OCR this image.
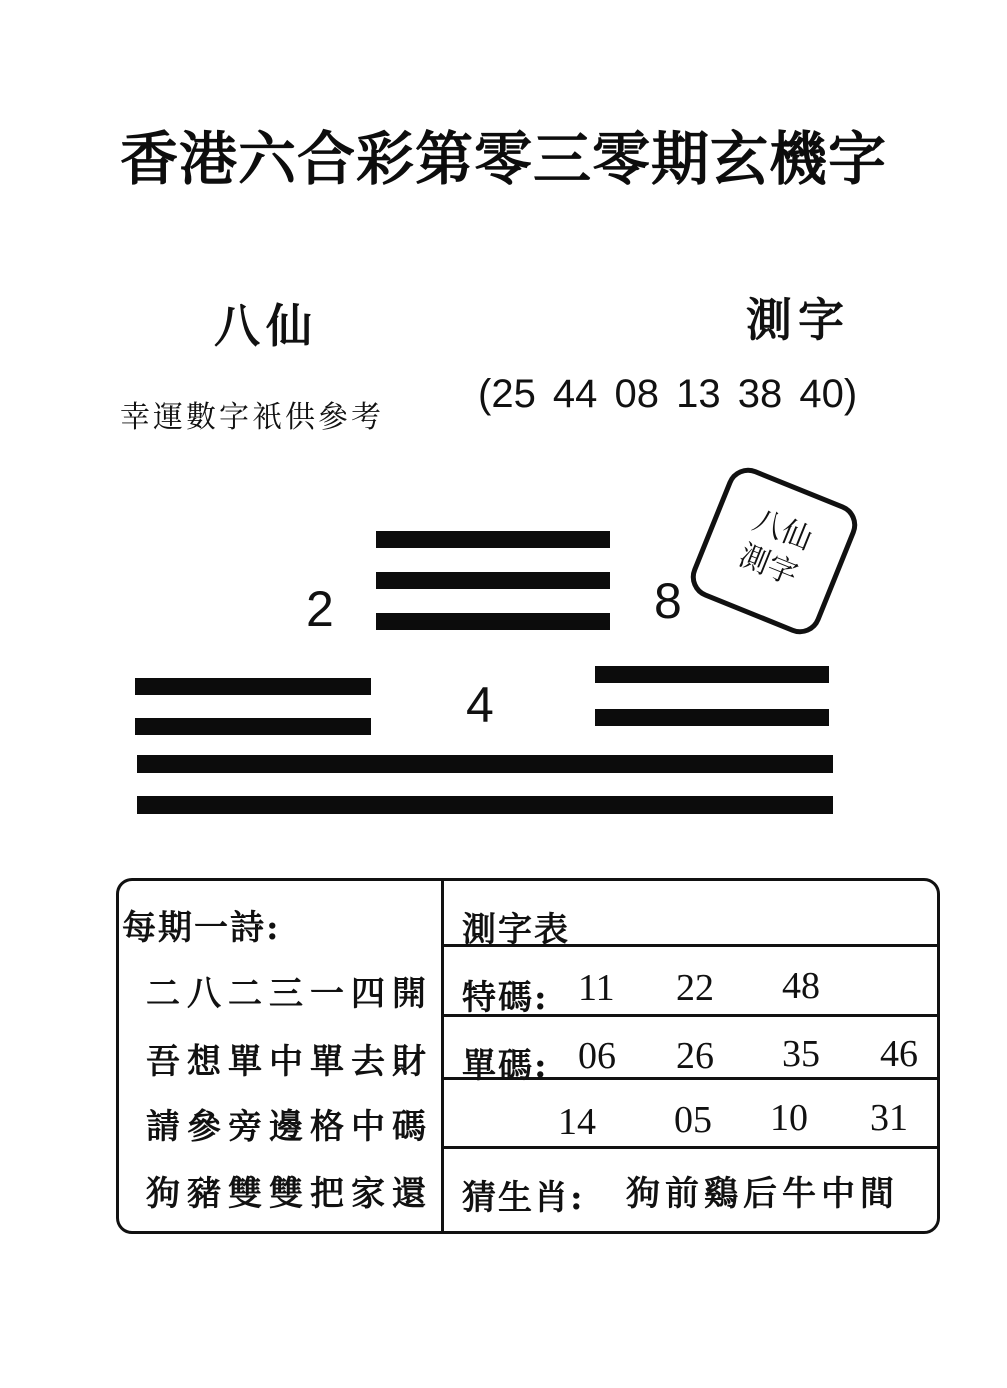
香港六合彩第零三零期玄機字
八仙	測字
幸運數字衹供參考
(25 44 08 13 38 40)
2	8
4
八仙
測字
每期一詩:
二八二三一四開
吾想單中單去財
請參旁邊格中碼
狗豬雙雙把家還
測字表
特碼: 11 22 48
單碼: 06 26 35 46
14 05 10 31
猜生肖: 狗前鷄后牛中間
